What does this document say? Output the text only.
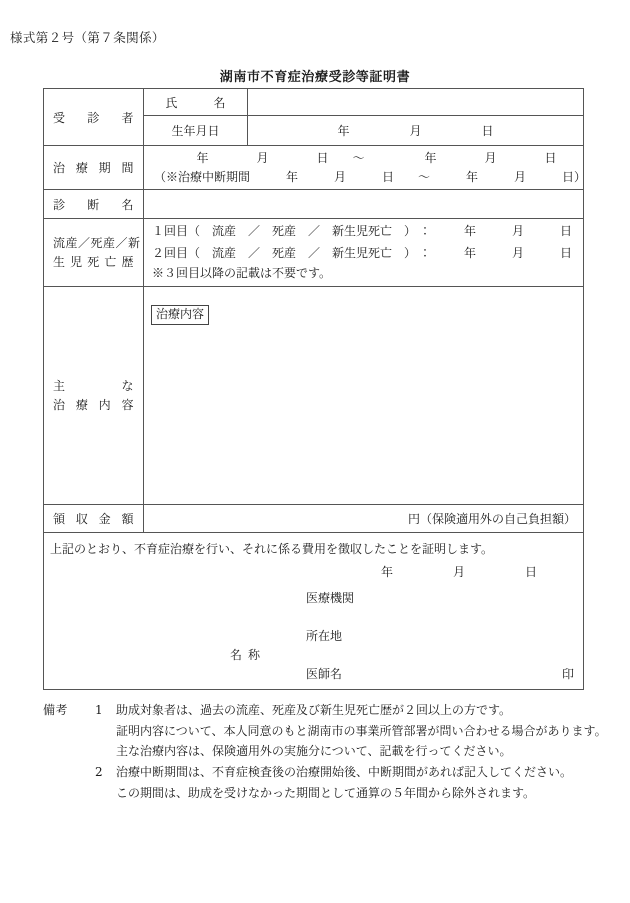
様式第２号（第７条関係）
湖南市不育症治療受診等証明書
受診者	氏　　　名	
	生年月日	年　　　　　月　　　　　日

治療期間	年　　　　月　　　　日　　～　　　　　年　　　　月　　　　日
（※治療中断期間　　　年　　　月　　　日　　～　　　年　　　月　　　日）	

診断名		

流産／死産／新
生児死亡歴

１回目（　流産　／　死産　／　新生児死亡　）　：　　　年　　　月　　　日
２回目（　流産　／　死産　／　新生児死亡　）　：　　　年　　　月　　　日
※３回目以降の記載は不要です。

主な
治療内容	治療内容	

領収金額	円（保険適用外の自己負担額）	

上記のとおり、不育症治療を行い、それに係る費用を徴収したことを証明します。
年　　　　　月　　　　　日
医療機関
所在地
名称
医師名	印
備考 1 助成対象者は、過去の流産、死産及び新生児死亡歴が２回以上の方です。
証明内容について、本人同意のもと湖南市の事業所管部署が問い合わせる場合があります。
主な治療内容は、保険適用外の実施分について、記載を行ってください。
2 治療中断期間は、不育症検査後の治療開始後、中断期間があれば記入してください。
この期間は、助成を受けなかった期間として通算の５年間から除外されます。
